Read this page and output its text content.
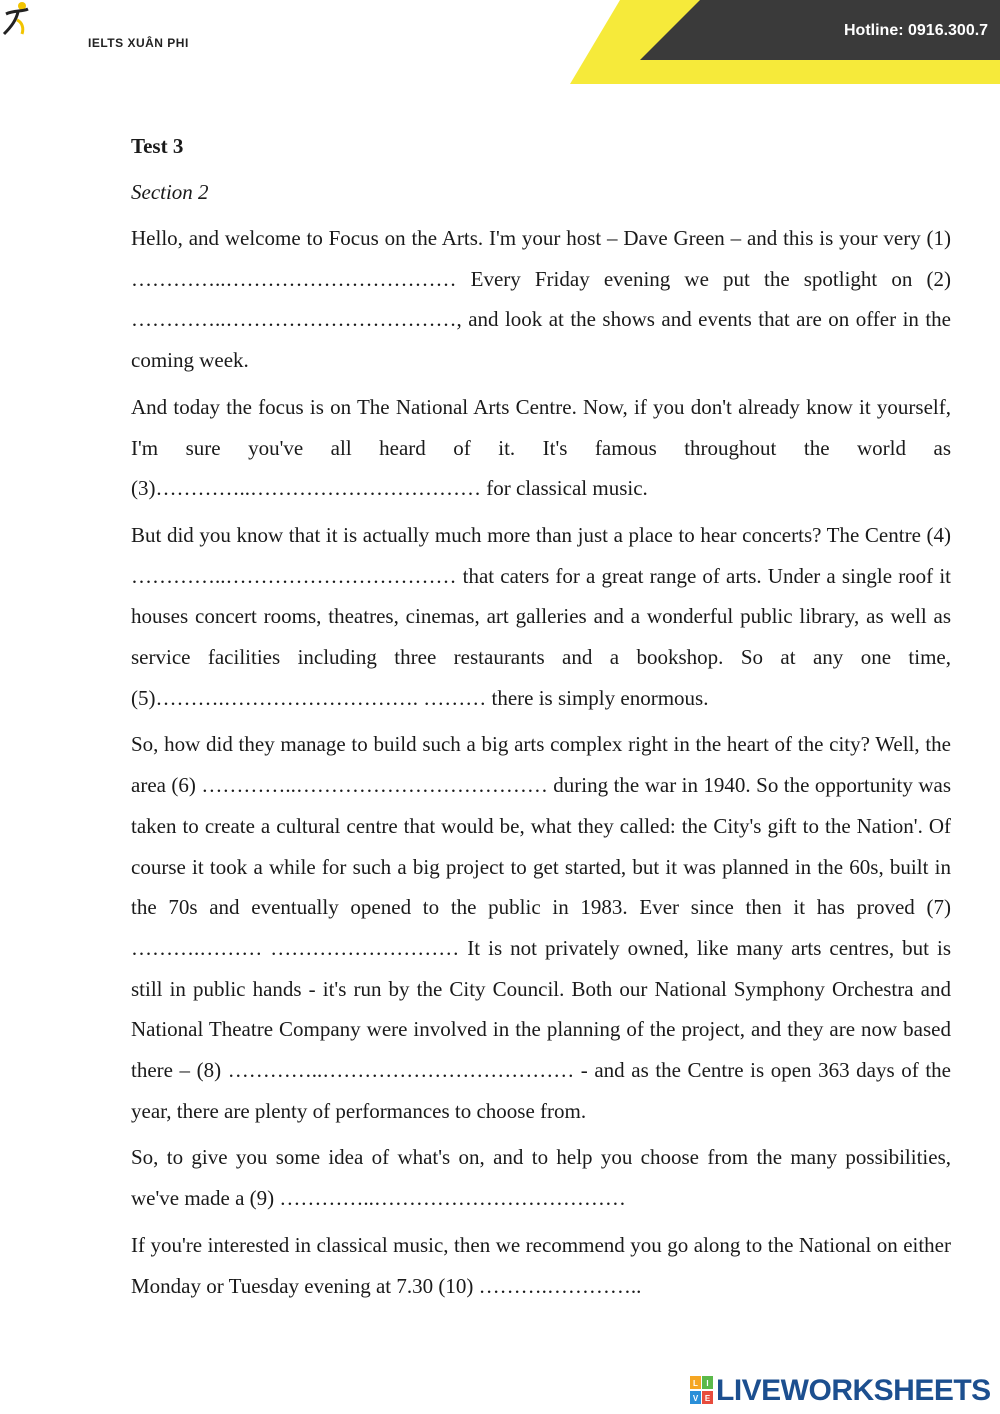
IELTS XUÂN PHI
Hotline: 0916.300.7
Test 3
Section 2

Hello, and welcome to Focus on the Arts. I'm your host – Dave Green – and this is your very (1) …………..…………………………… Every Friday evening we put the spotlight on (2) …………..……………………………, and look at the shows and events that are on offer in the coming week.

And today the focus is on The National Arts Centre. Now, if you don't already know it yourself, I'm sure you've all heard of it. It's famous throughout the world as (3)…………..…………………………… for classical music.

But did you know that it is actually much more than just a place to hear concerts? The Centre (4) …………..…………………………… that caters for a great range of arts. Under a single roof it houses concert rooms, theatres, cinemas, art galleries and a wonderful public library, as well as service facilities including three restaurants and a bookshop. So at any one time, (5)……….………………………. ……… there is simply enormous.

So, how did they manage to build such a big arts complex right in the heart of the city? Well, the area (6) …………..……………………………… during the war in 1940. So the opportunity was taken to create a cultural centre that would be, what they called: the City's gift to the Nation'. Of course it took a while for such a big project to get started, but it was planned in the 60s, built in the 70s and eventually opened to the public in 1983. Ever since then it has proved (7) ……….……… ……………………… It is not privately owned, like many arts centres, but is still in public hands - it's run by the City Council. Both our National Symphony Orchestra and National Theatre Company were involved in the planning of the project, and they are now based there – (8) …………..……………………………… - and as the Centre is open 363 days of the year, there are plenty of performances to choose from.

So, to give you some idea of what's on, and to help you choose from the many possibilities, we've made a (9) …………..………………………………

If you're interested in classical music, then we recommend you go along to the National on either Monday or Tuesday evening at 7.30 (10) ……….…………..

L I
V E LIVEWORKSHEETS
